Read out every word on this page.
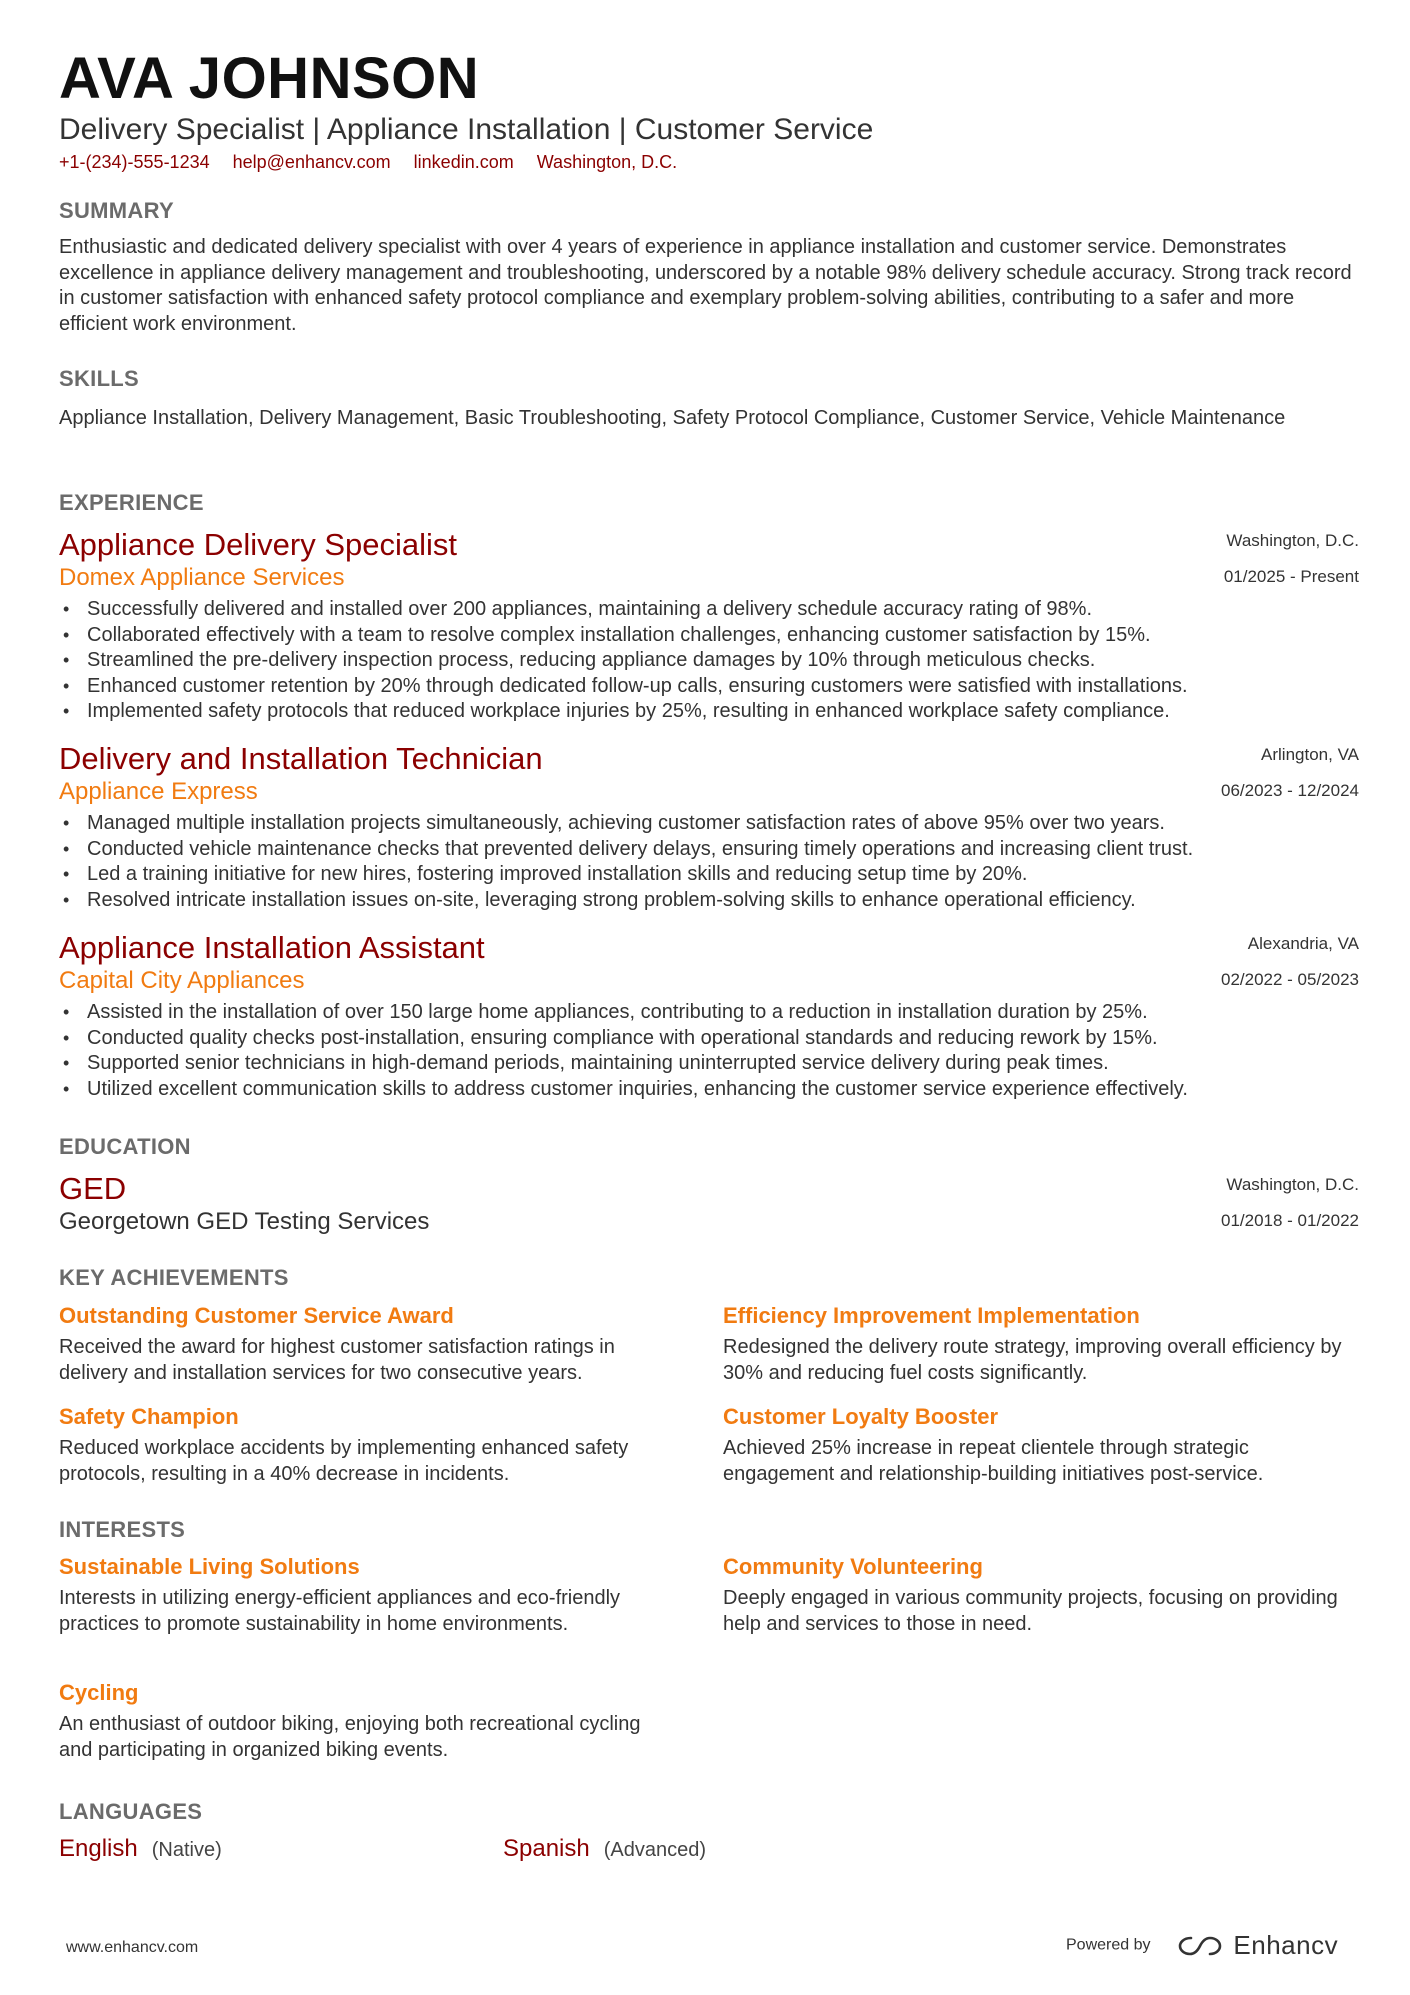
AVA JOHNSON
Delivery Specialist | Appliance Installation | Customer Service
+1-(234)-555-1234 help@enhancv.com linkedin.com Washington, D.C.
SUMMARY
Enthusiastic and dedicated delivery specialist with over 4 years of experience in appliance installation and customer service. Demonstrates excellence in appliance delivery management and troubleshooting, underscored by a notable 98% delivery schedule accuracy. Strong track record in customer satisfaction with enhanced safety protocol compliance and exemplary problem-solving abilities, contributing to a safer and more efficient work environment.
SKILLS
Appliance Installation, Delivery Management, Basic Troubleshooting, Safety Protocol Compliance, Customer Service, Vehicle Maintenance
EXPERIENCE
Appliance Delivery Specialist
Domex Appliance Services
Washington, D.C.
01/2025 - Present
• Successfully delivered and installed over 200 appliances, maintaining a delivery schedule accuracy rating of 98%.
• Collaborated effectively with a team to resolve complex installation challenges, enhancing customer satisfaction by 15%.
• Streamlined the pre-delivery inspection process, reducing appliance damages by 10% through meticulous checks.
• Enhanced customer retention by 20% through dedicated follow-up calls, ensuring customers were satisfied with installations.
• Implemented safety protocols that reduced workplace injuries by 25%, resulting in enhanced workplace safety compliance.
Delivery and Installation Technician
Appliance Express
Arlington, VA
06/2023 - 12/2024
• Managed multiple installation projects simultaneously, achieving customer satisfaction rates of above 95% over two years.
• Conducted vehicle maintenance checks that prevented delivery delays, ensuring timely operations and increasing client trust.
• Led a training initiative for new hires, fostering improved installation skills and reducing setup time by 20%.
• Resolved intricate installation issues on-site, leveraging strong problem-solving skills to enhance operational efficiency.
Appliance Installation Assistant
Capital City Appliances
Alexandria, VA
02/2022 - 05/2023
• Assisted in the installation of over 150 large home appliances, contributing to a reduction in installation duration by 25%.
• Conducted quality checks post-installation, ensuring compliance with operational standards and reducing rework by 15%.
• Supported senior technicians in high-demand periods, maintaining uninterrupted service delivery during peak times.
• Utilized excellent communication skills to address customer inquiries, enhancing the customer service experience effectively.
EDUCATION
GED
Georgetown GED Testing Services
Washington, D.C.
01/2018 - 01/2022
KEY ACHIEVEMENTS
Outstanding Customer Service Award
Received the award for highest customer satisfaction ratings in delivery and installation services for two consecutive years.
Efficiency Improvement Implementation
Redesigned the delivery route strategy, improving overall efficiency by 30% and reducing fuel costs significantly.
Safety Champion
Reduced workplace accidents by implementing enhanced safety protocols, resulting in a 40% decrease in incidents.
Customer Loyalty Booster
Achieved 25% increase in repeat clientele through strategic engagement and relationship-building initiatives post-service.
INTERESTS
Sustainable Living Solutions
Interests in utilizing energy-efficient appliances and eco-friendly practices to promote sustainability in home environments.
Community Volunteering
Deeply engaged in various community projects, focusing on providing help and services to those in need.
Cycling
An enthusiast of outdoor biking, enjoying both recreational cycling and participating in organized biking events.
LANGUAGES
English (Native)	Spanish (Advanced)
www.enhancv.com	Powered by	Enhancv
